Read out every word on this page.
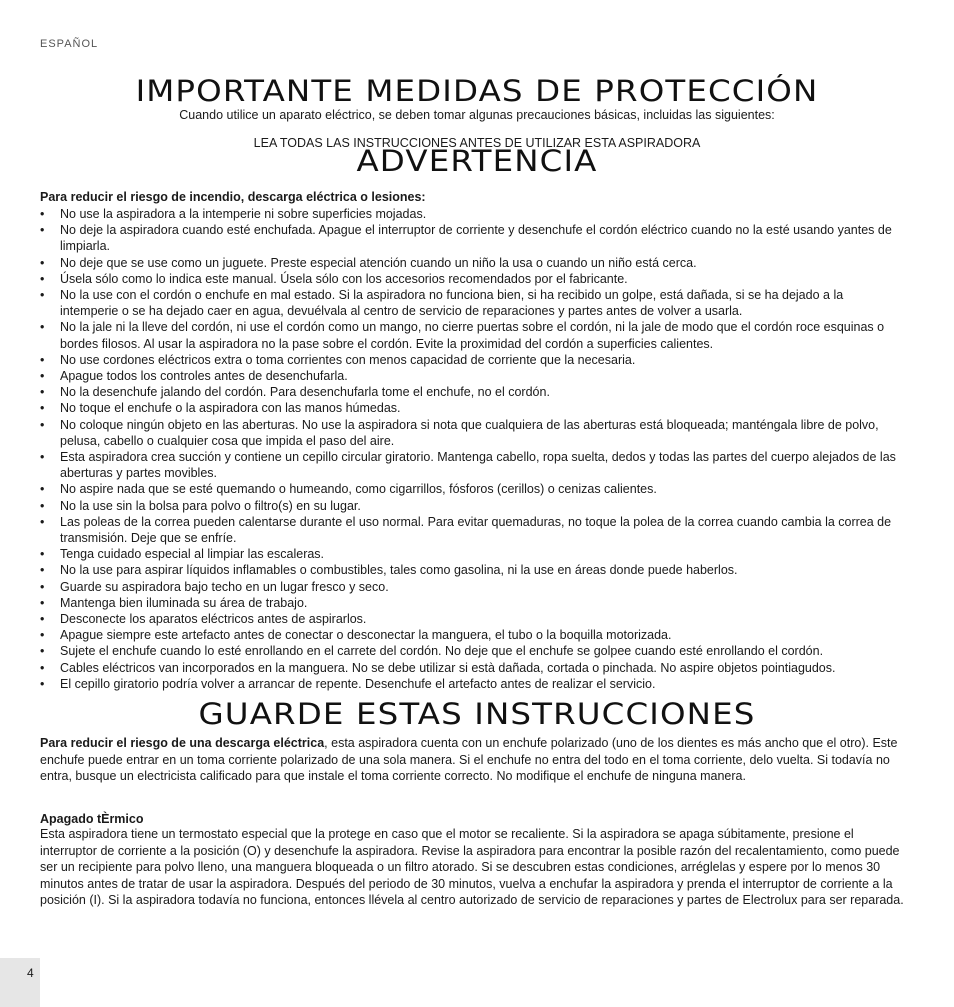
ESPAÑOL
IMPORTANTE MEDIDAS DE PROTECCIÓN
Cuando utilice un aparato eléctrico, se deben tomar algunas precauciones básicas, incluidas las siguientes:
LEA TODAS LAS INSTRUCCIONES ANTES DE UTILIZAR ESTA ASPIRADORA
ADVERTENCIA
Para reducir el riesgo de incendio, descarga eléctrica o lesiones:
• No use la aspiradora a la intemperie ni sobre superficies mojadas.
• No deje la aspiradora cuando esté enchufada. Apague el interruptor de corriente y desenchufe el cordón eléctrico cuando no la esté usando yantes de limpiarla.
• No deje que se use como un juguete. Preste especial atención cuando un niño la usa o cuando un niño está cerca.
• Úsela sólo como lo indica este manual. Úsela sólo con los accesorios recomendados por el fabricante.
• No la use con el cordón o enchufe en mal estado. Si la aspiradora no funciona bien, si ha recibido un golpe, está dañada, si se ha dejado a la intemperie o se ha dejado caer en agua, devuélvala al centro de servicio de reparaciones y partes antes de volver a usarla.
• No la jale ni la lleve del cordón, ni use el cordón como un mango, no cierre puertas sobre el cordón, ni la jale de modo que el cordón roce esquinas o bordes filosos. Al usar la aspiradora no la pase sobre el cordón. Evite la proximidad del cordón a superficies calientes.
• No use cordones eléctricos extra o toma corrientes con menos capacidad de corriente que la necesaria.
• Apague todos los controles antes de desenchufarla.
• No la desenchufe jalando del cordón. Para desenchufarla tome el enchufe, no el cordón.
• No toque el enchufe o la aspiradora con las manos húmedas.
• No coloque ningún objeto en las aberturas. No use la aspiradora si nota que cualquiera de las aberturas está bloqueada; manténgala libre de polvo, pelusa, cabello o cualquier cosa que impida el paso del aire.
• Esta aspiradora crea succión y contiene un cepillo circular giratorio. Mantenga cabello, ropa suelta, dedos y todas las partes del cuerpo alejados de las aberturas y partes movibles.
• No aspire nada que se esté quemando o humeando, como cigarrillos, fósforos (cerillos) o cenizas calientes.
• No la use sin la bolsa para polvo o filtro(s) en su lugar.
• Las poleas de la correa pueden calentarse durante el uso normal. Para evitar quemaduras, no toque la polea de la correa cuando cambia la correa de transmisión. Deje que se enfríe.
• Tenga cuidado especial al limpiar las escaleras.
• No la use para aspirar líquidos inflamables o combustibles, tales como gasolina, ni la use en áreas donde puede haberlos.
• Guarde su aspiradora bajo techo en un lugar fresco y seco.
• Mantenga bien iluminada su área de trabajo.
• Desconecte los aparatos eléctricos antes de aspirarlos.
• Apague siempre este artefacto antes de conectar o desconectar la manguera, el tubo o la boquilla motorizada.
• Sujete el enchufe cuando lo esté enrollando en el carrete del cordón. No deje que el enchufe se golpee cuando esté enrollando el cordón.
• Cables eléctricos van incorporados en la manguera. No se debe utilizar si està dañada, cortada o pinchada. No aspire objetos pointiagudos.
• El cepillo giratorio podría volver a arrancar de repente. Desenchufe el artefacto antes de realizar el servicio.
GUARDE ESTAS INSTRUCCIONES

Para reducir el riesgo de una descarga eléctrica, esta aspiradora cuenta con un enchufe polarizado (uno de los dientes es más ancho que el otro). Este enchufe puede entrar en un toma corriente polarizado de una sola manera. Si el enchufe no entra del todo en el toma corriente, delo vuelta. Si todavía no entra, busque un electricista calificado para que instale el toma corriente correcto. No modifique el enchufe de ninguna manera.

Apagado tÈrmico

Esta aspiradora tiene un termostato especial que la protege en caso que el motor se recaliente. Si la aspiradora se apaga súbitamente, presione el interruptor de corriente a la posición (O) y desenchufe la aspiradora. Revise la aspiradora para encontrar la posible razón del recalentamiento, como puede ser un recipiente para polvo lleno, una manguera bloqueada o un filtro atorado. Si se descubren estas condiciones, arréglelas y espere por lo menos 30 minutos antes de tratar de usar la aspiradora. Después del periodo de 30 minutos, vuelva a enchufar la aspiradora y prenda el interruptor de corriente a la posición (I). Si la aspiradora todavía no funciona, entonces llévela al centro autorizado de servicio de reparaciones y partes de Electrolux para ser reparada.

4
